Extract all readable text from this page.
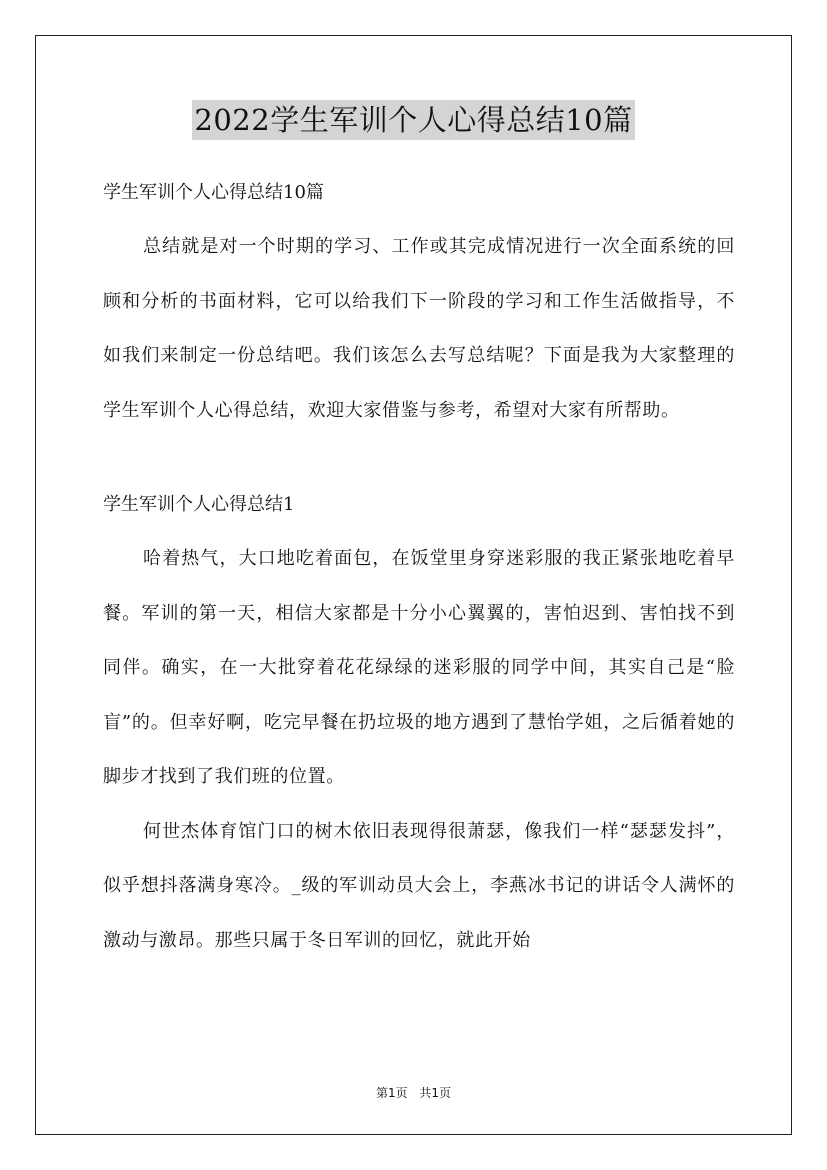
2022学生军训个人心得总结10篇

学生军训个人心得总结10篇

总结就是对一个时期的学习、工作或其完成情况进行一次全面系统的回顾和分析的书面材料，它可以给我们下一阶段的学习和工作生活做指导，不如我们来制定一份总结吧。我们该怎么去写总结呢？下面是我为大家整理的学生军训个人心得总结，欢迎大家借鉴与参考，希望对大家有所帮助。

学生军训个人心得总结1

哈着热气，大口地吃着面包，在饭堂里身穿迷彩服的我正紧张地吃着早餐。军训的第一天，相信大家都是十分小心翼翼的，害怕迟到、害怕找不到同伴。确实，在一大批穿着花花绿绿的迷彩服的同学中间，其实自己是“脸盲”的。但幸好啊，吃完早餐在扔垃圾的地方遇到了慧怡学姐，之后循着她的脚步才找到了我们班的位置。

何世杰体育馆门口的树木依旧表现得很萧瑟，像我们一样“瑟瑟发抖”，似乎想抖落满身寒冷。_级的军训动员大会上，李燕冰书记的讲话令人满怀的激动与激昂。那些只属于冬日军训的回忆，就此开始

第1页 共1页
